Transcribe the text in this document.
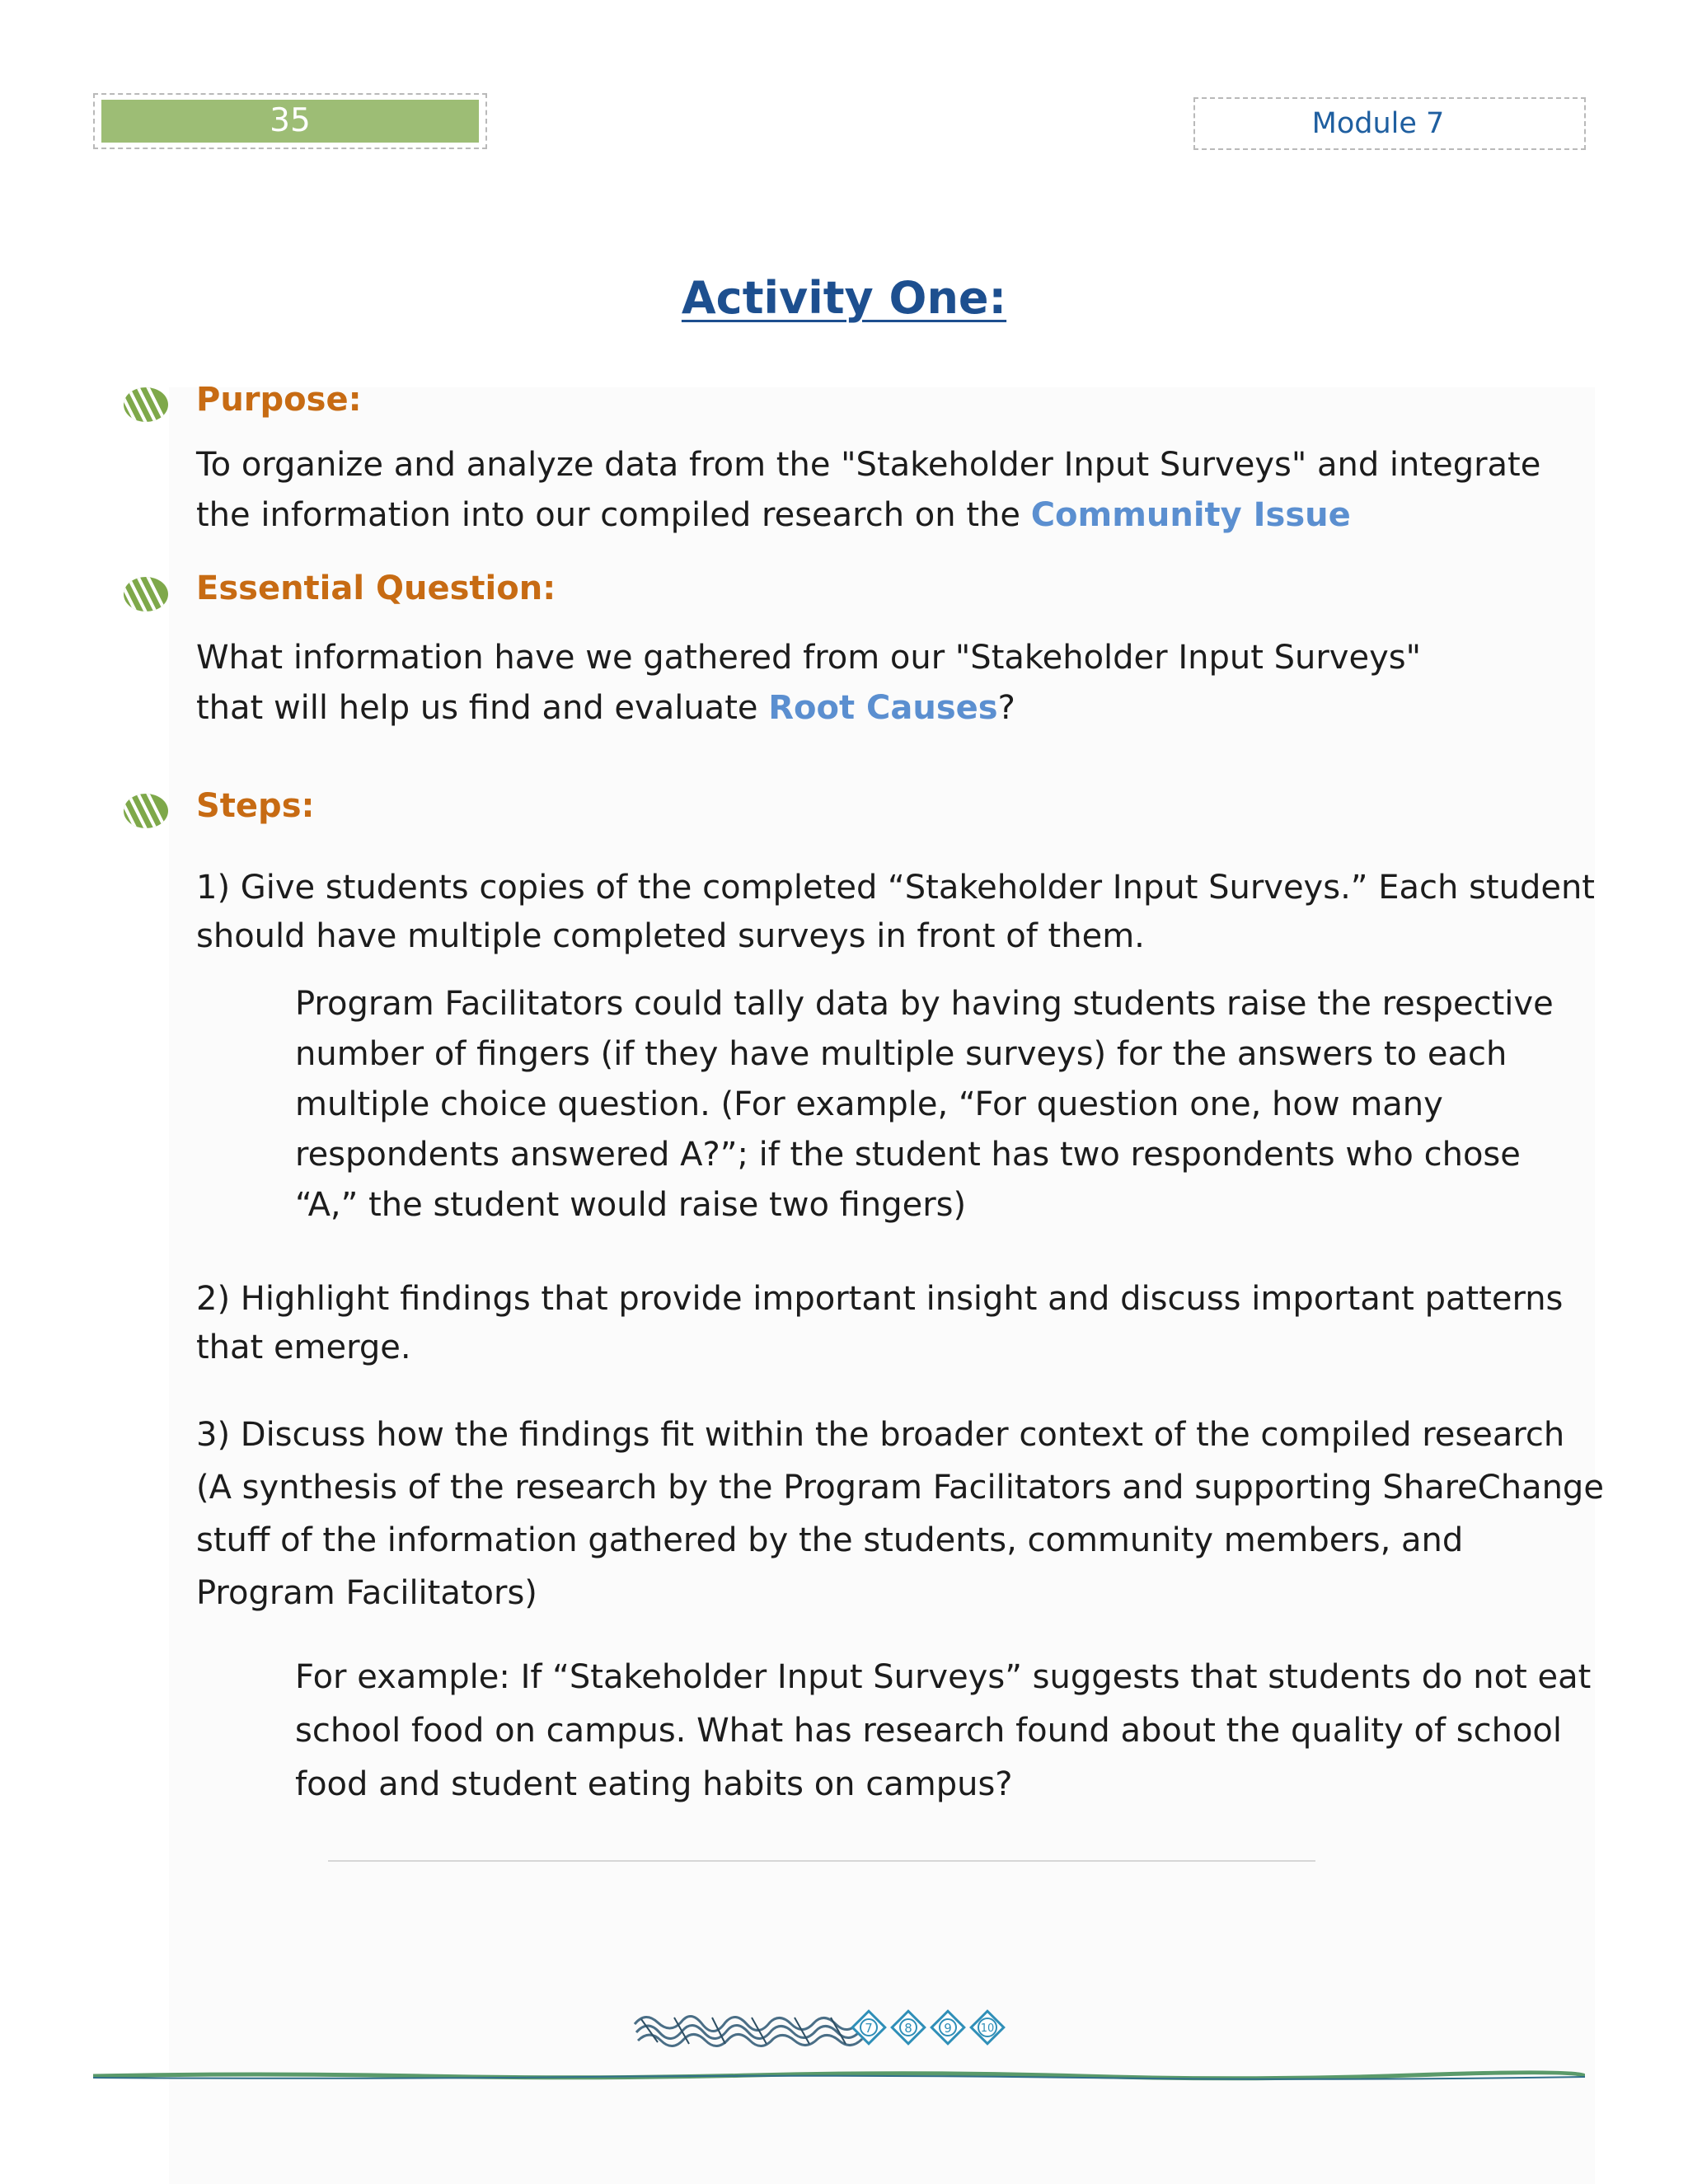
35	Module 7
Activity One:
Purpose:

To organize and analyze data from the "Stakeholder Input Surveys" and integrate
the information into our compiled research on the Community Issue

Essential Question:

What information have we gathered from our "Stakeholder Input Surveys"
that will help us find and evaluate Root Causes?

Steps:

1) Give students copies of the completed “Stakeholder Input Surveys.” Each student
should have multiple completed surveys in front of them.

Program Facilitators could tally data by having students raise the respective
number of fingers (if they have multiple surveys) for the answers to each
multiple choice question. (For example, “For question one, how many
respondents answered A?”; if the student has two respondents who chose
“A,” the student would raise two fingers)

2) Highlight findings that provide important insight and discuss important patterns
that emerge.

3) Discuss how the findings fit within the broader context of the compiled research
(A synthesis of the research by the Program Facilitators and supporting ShareChange
stuff of the information gathered by the students, community members, and
Program Facilitators)

For example: If “Stakeholder Input Surveys” suggests that students do not eat
school food on campus. What has research found about the quality of school
food and student eating habits on campus?

7	8	9	10
